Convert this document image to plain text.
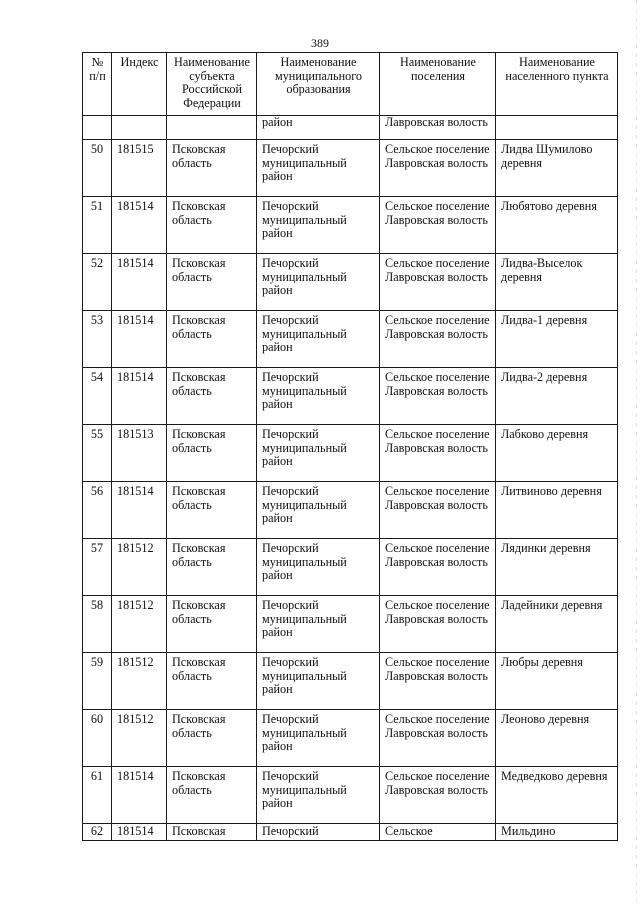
389
№ п/п	Индекс	Наименование субъекта Российской Федерации	Наименование муниципального образования	Наименование поселения	Наименование населенного пункта
			район	Лавровская волость	
50	181515	Псковская область	Печорский муниципальный район	Сельское поселение Лавровская волость	Лидва Шумилово деревня
51	181514	Псковская область	Печорский муниципальный район	Сельское поселение Лавровская волость	Любятово деревня
52	181514	Псковская область	Печорский муниципальный район	Сельское поселение Лавровская волость	Лидва-Выселок деревня
53	181514	Псковская область	Печорский муниципальный район	Сельское поселение Лавровская волость	Лидва-1 деревня
54	181514	Псковская область	Печорский муниципальный район	Сельское поселение Лавровская волость	Лидва-2 деревня
55	181513	Псковская область	Печорский муниципальный район	Сельское поселение Лавровская волость	Лабково деревня
56	181514	Псковская область	Печорский муниципальный район	Сельское поселение Лавровская волость	Литвиново деревня
57	181512	Псковская область	Печорский муниципальный район	Сельское поселение Лавровская волость	Лядинки деревня
58	181512	Псковская область	Печорский муниципальный район	Сельское поселение Лавровская волость	Ладейники деревня
59	181512	Псковская область	Печорский муниципальный район	Сельское поселение Лавровская волость	Любры деревня
60	181512	Псковская область	Печорский муниципальный район	Сельское поселение Лавровская волость	Леоново деревня
61	181514	Псковская область	Печорский муниципальный район	Сельское поселение Лавровская волость	Медведково деревня
62	181514	Псковская	Печорский	Сельское	Мильдино
